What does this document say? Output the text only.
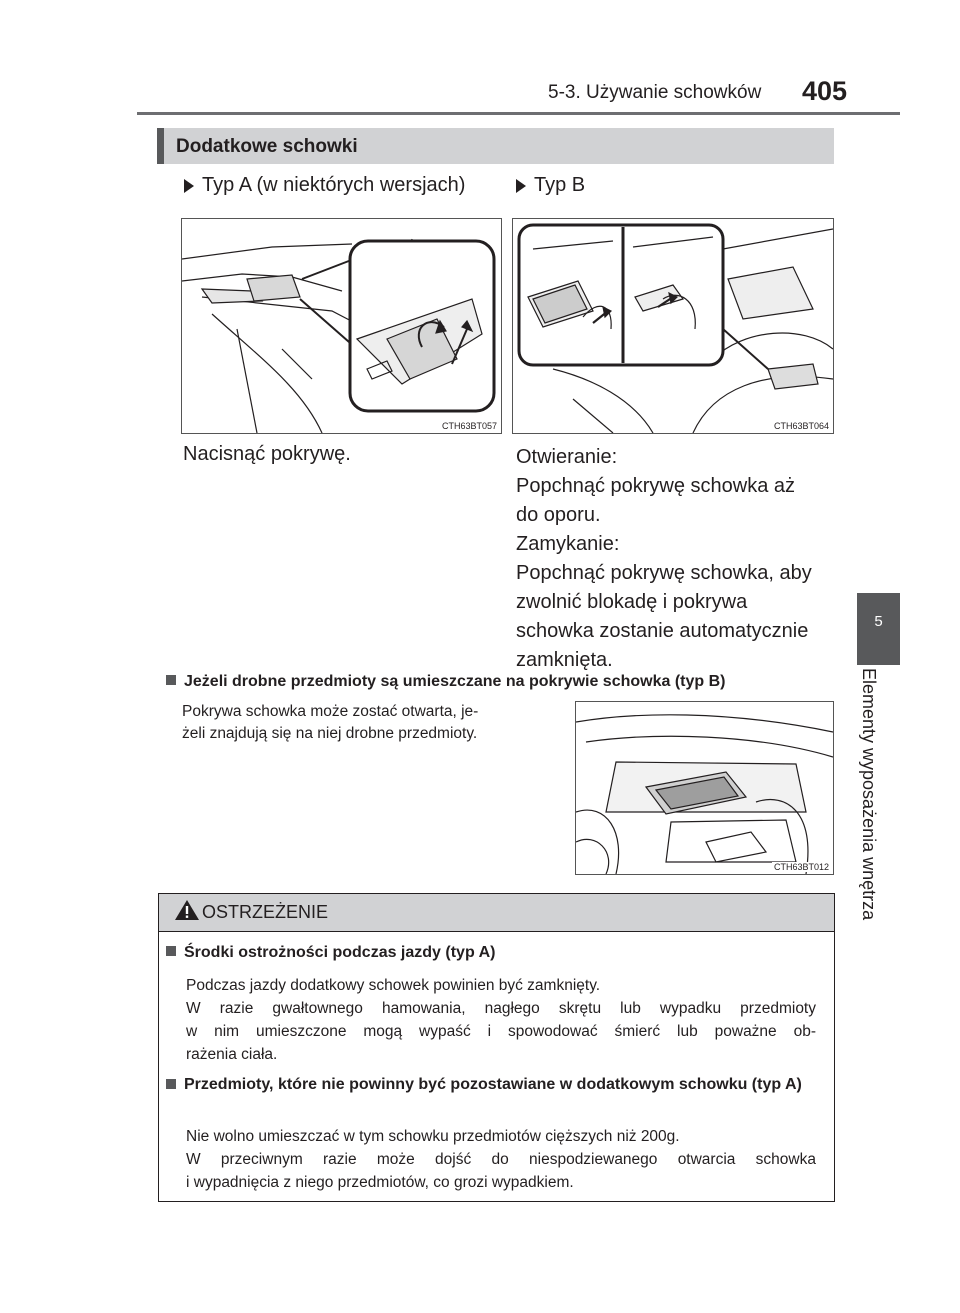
5-3. Używanie schowków 405
5
Elementy wyposażenia wnętrza
Dodatkowe schowki
Typ A (w niektórych wersjach)	Typ B
CTH63BT057	CTH63BT064
Nacisnąć pokrywę.	Otwieranie:
Popchnąć pokrywę schowka aż
do oporu.
Zamykanie:
Popchnąć pokrywę schowka, aby
zwolnić blokadę i pokrywa
schowka zostanie automatycznie
zamknięta.
Jeżeli drobne przedmioty są umieszczane na pokrywie schowka (typ B)
Pokrywa schowka może zostać otwarta, je-
żeli znajdują się na niej drobne przedmioty.
CTH63BT012
OSTRZEŻENIE
Środki ostrożności podczas jazdy (typ A)
Podczas jazdy dodatkowy schowek powinien być zamknięty.
W razie gwałtownego hamowania, nagłego skrętu lub wypadku przedmioty
w nim umieszczone mogą wypaść i spowodować śmierć lub poważne ob-
rażenia ciała.
Przedmioty, które nie powinny być pozostawiane w dodatkowym schowku (typ A)
Nie wolno umieszczać w tym schowku przedmiotów cięższych niż 200g.
W przeciwnym razie może dojść do niespodziewanego otwarcia schowka
i wypadnięcia z niego przedmiotów, co grozi wypadkiem.
